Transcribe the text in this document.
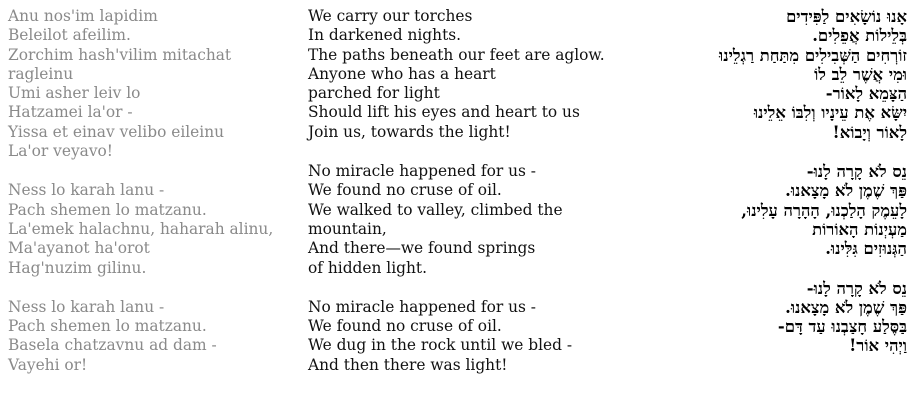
Anu nos'im lapidim
Beleilot afeilim.
Zorchim hash'vilim mitachat
ragleinu
Umi asher leiv lo
Hatzamei la'or -
Yissa et einav velibo eileinu
La'or veyavo!
Ness lo karah lanu -
Pach shemen lo matzanu.
La'emek halachnu, haharah alinu,
Ma'ayanot ha'orot
Hag'nuzim gilinu.
Ness lo karah lanu -
Pach shemen lo matzanu.
Basela chatzavnu ad dam -
Vayehi or!
We carry our torches
In darkened nights.
The paths beneath our feet are aglow.
Anyone who has a heart
parched for light
Should lift his eyes and heart to us
Join us, towards the light!
No miracle happened for us -
We found no cruse of oil.
We walked to valley, climbed the
mountain,
And there—we found springs
of hidden light.
No miracle happened for us -
We found no cruse of oil.
We dug in the rock until we bled -
And then there was light!
אָנוּ נוֹשָׂאִים לַפִּידִים
בְּלֵילוֹת אֲפֵלִים.
זוֹרְחִים הַשְּׁבִילִים מִתַּחַת רַגְלֵינוּ
וּמִי אֲשֶׁר לֵב לוֹ
הַצָּמֵא לָאוֹר-
יִשָּׂא אֶת עֵינָיו וְלִבּוֹ אֵלֵינוּ
לָאוֹר וְיָבוֹא!
נֵס לֹא קָרָה לָנוּ-
פַּךְ שֶׁמֶן לֹא מָצָאנוּ.
לָעֵמֶק הָלַכְנוּ, הָהָרָה עָלִינוּ,
מַעְיְנוֹת הָאוֹרוֹת
הַגְּנוּזִים גִּלִּינוּ.
נֵס לֹא קָרָה לָנוּ-
פַּךְ שֶׁמֶן לֹא מָצָאנוּ.
בַּסֶּלַע חָצַבְנוּ עַד דָּם-
וַיְהִי אוֹר!
